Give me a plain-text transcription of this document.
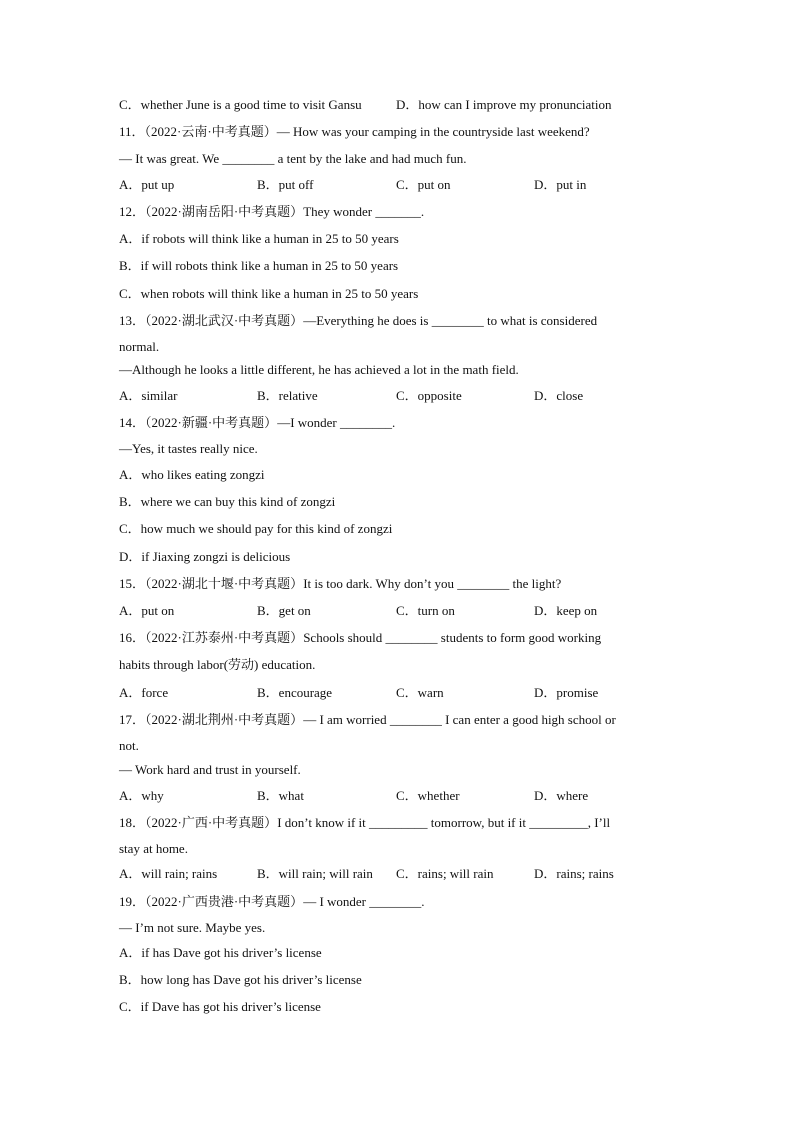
C．whether June is a good time to visit Gansu	D．how can I improve my pronunciation
11．（2022·云南·中考真题）— How was your camping in the countryside last weekend?
— It was great. We ________ a tent by the lake and had much fun.
A．put up	B．put off	C．put on	D．put in
12．（2022·湖南岳阳·中考真题）They wonder _______.
A．if robots will think like a human in 25 to 50 years
B．if will robots think like a human in 25 to 50 years
C．when robots will think like a human in 25 to 50 years
13．（2022·湖北武汉·中考真题）—Everything he does is ________ to what is considered
normal.
—Although he looks a little different, he has achieved a lot in the math field.
A．similar	B．relative	C．opposite	D．close
14．（2022·新疆·中考真题）—I wonder ________.
—Yes, it tastes really nice.
A．who likes eating zongzi
B．where we can buy this kind of zongzi
C．how much we should pay for this kind of zongzi
D．if Jiaxing zongzi is delicious
15．（2022·湖北十堰·中考真题）It is too dark. Why don’t you ________ the light?
A．put on	B．get on	C．turn on	D．keep on
16．（2022·江苏泰州·中考真题）Schools should ________ students to form good working
habits through labor(劳动) education.
A．force	B．encourage	C．warn	D．promise
17．（2022·湖北荆州·中考真题）— I am worried ________ I can enter a good high school or
not.
— Work hard and trust in yourself.
A．why	B．what	C．whether	D．where
18．（2022·广西·中考真题）I don’t know if it _________ tomorrow, but if it _________, I’ll
stay at home.
A．will rain; rains	B．will rain; will rain C．rains; will rain	D．rains; rains
19．（2022·广西贵港·中考真题）— I wonder ________.
— I’m not sure. Maybe yes.
A．if has Dave got his driver’s license
B．how long has Dave got his driver’s license
C．if Dave has got his driver’s license
